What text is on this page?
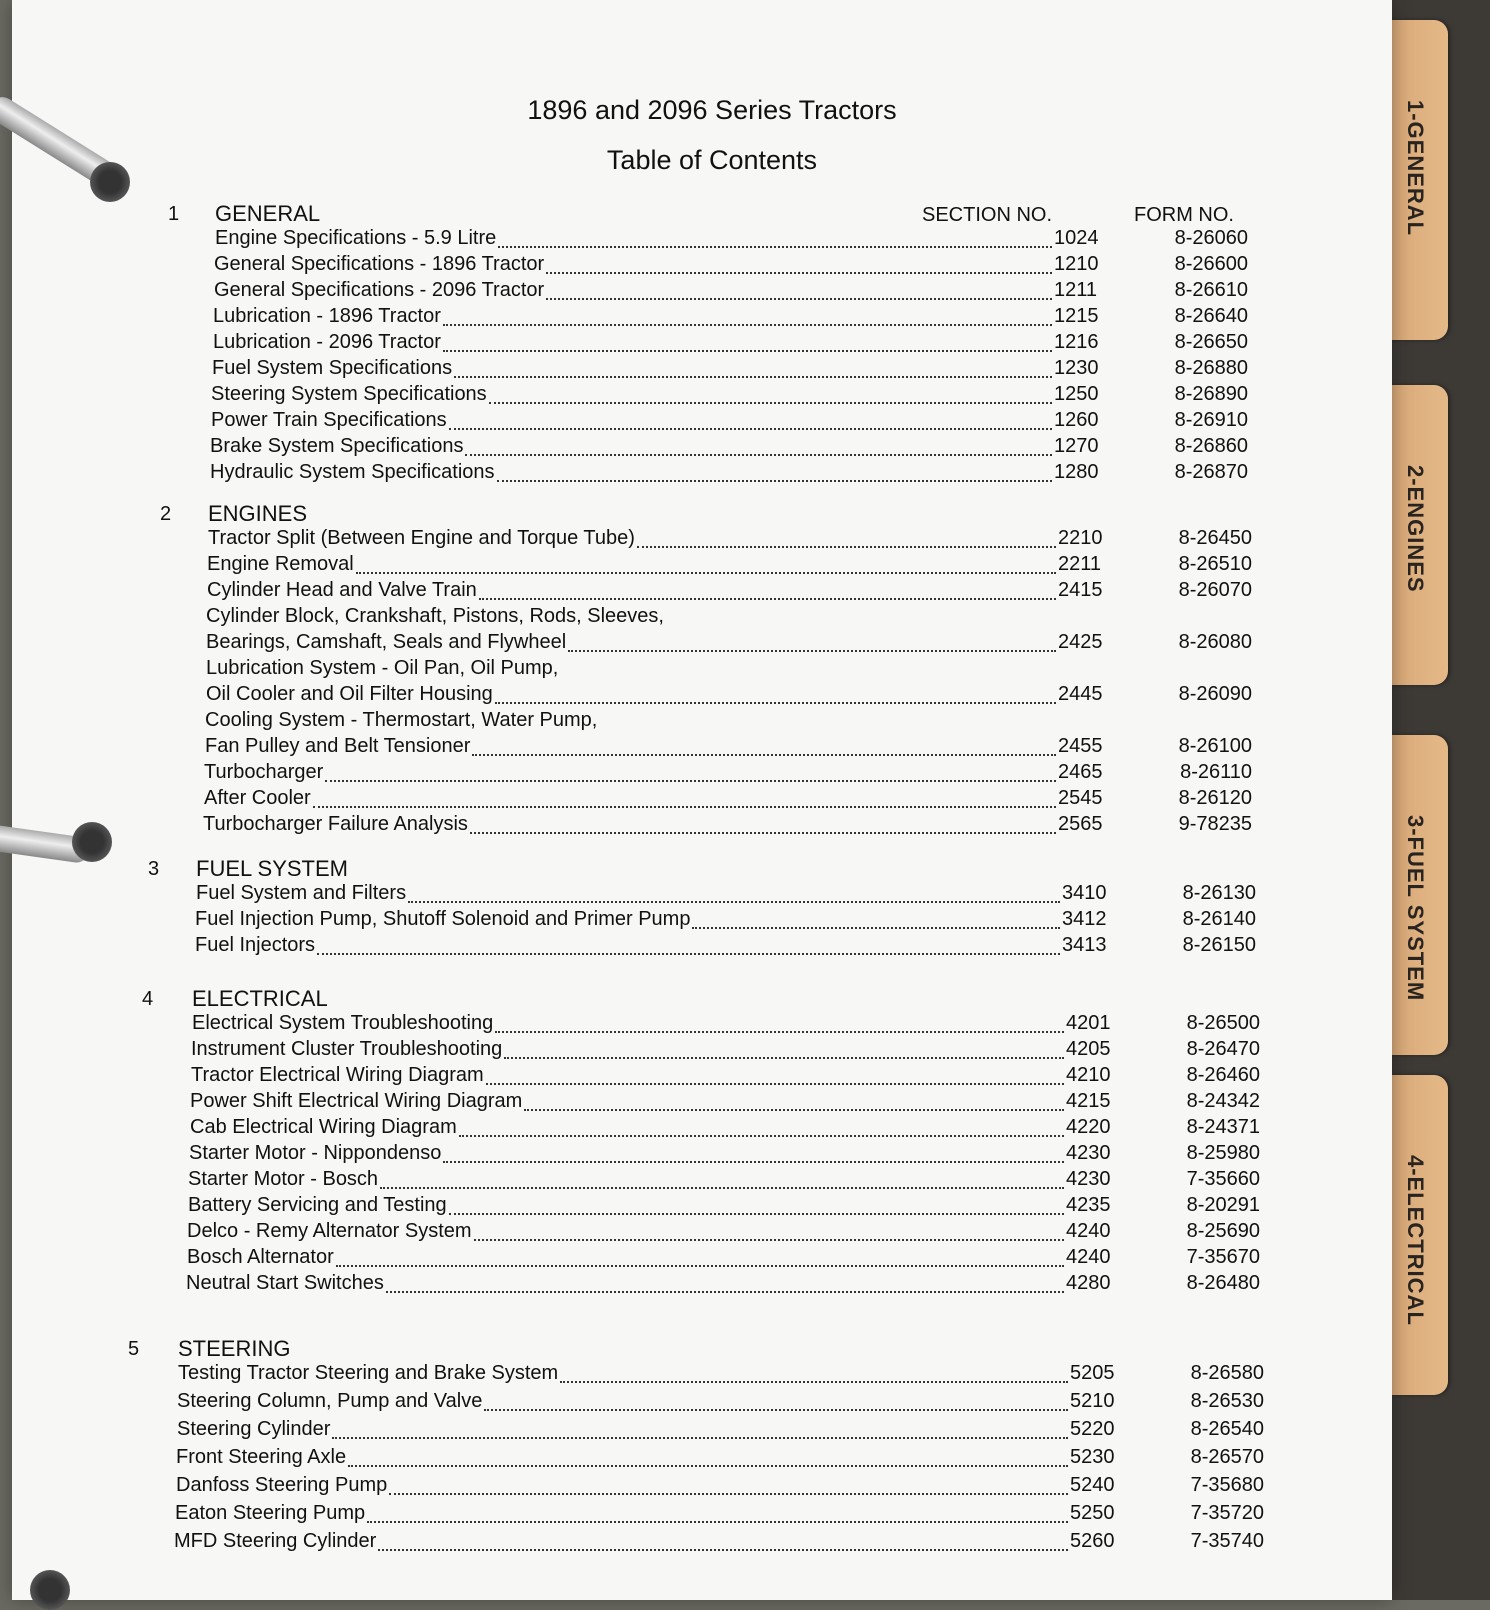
1-GENERAL
2-ENGINES
3-FUEL SYSTEM
4-ELECTRICAL
1896 and 2096 Series Tractors
Table of Contents
SECTION NO.	FORM NO.
1 GENERAL
Engine Specifications - 5.9 Litre	1024	8-26060
General Specifications - 1896 Tractor	1210	8-26600
General Specifications - 2096 Tractor	1211	8-26610
Lubrication - 1896 Tractor	1215	8-26640
Lubrication - 2096 Tractor	1216	8-26650
Fuel System Specifications	1230	8-26880
Steering System Specifications	1250	8-26890
Power Train Specifications	1260	8-26910
Brake System Specifications	1270	8-26860
Hydraulic System Specifications	1280	8-26870
2 ENGINES
Tractor Split (Between Engine and Torque Tube)	2210	8-26450
Engine Removal	2211	8-26510
Cylinder Head and Valve Train	2415	8-26070
Cylinder Block, Crankshaft, Pistons, Rods, Sleeves,
Bearings, Camshaft, Seals and Flywheel	2425	8-26080
Lubrication System - Oil Pan, Oil Pump,
Oil Cooler and Oil Filter Housing	2445	8-26090
Cooling System - Thermostart, Water Pump,
Fan Pulley and Belt Tensioner	2455	8-26100
Turbocharger	2465	8-26110
After Cooler	2545	8-26120
Turbocharger Failure Analysis	2565	9-78235
3 FUEL SYSTEM
Fuel System and Filters	3410	8-26130
Fuel Injection Pump, Shutoff Solenoid and Primer Pump	3412	8-26140
Fuel Injectors	3413	8-26150
4 ELECTRICAL
Electrical System Troubleshooting	4201	8-26500
Instrument Cluster Troubleshooting	4205	8-26470
Tractor Electrical Wiring Diagram	4210	8-26460
Power Shift Electrical Wiring Diagram	4215	8-24342
Cab Electrical Wiring Diagram	4220	8-24371
Starter Motor - Nippondenso	4230	8-25980
Starter Motor - Bosch	4230	7-35660
Battery Servicing and Testing	4235	8-20291
Delco - Remy Alternator System	4240	8-25690
Bosch Alternator	4240	7-35670
Neutral Start Switches	4280	8-26480
5 STEERING
Testing Tractor Steering and Brake System	5205	8-26580
Steering Column, Pump and Valve	5210	8-26530
Steering Cylinder	5220	8-26540
Front Steering Axle	5230	8-26570
Danfoss Steering Pump	5240	7-35680
Eaton Steering Pump	5250	7-35720
MFD Steering Cylinder	5260	7-35740
